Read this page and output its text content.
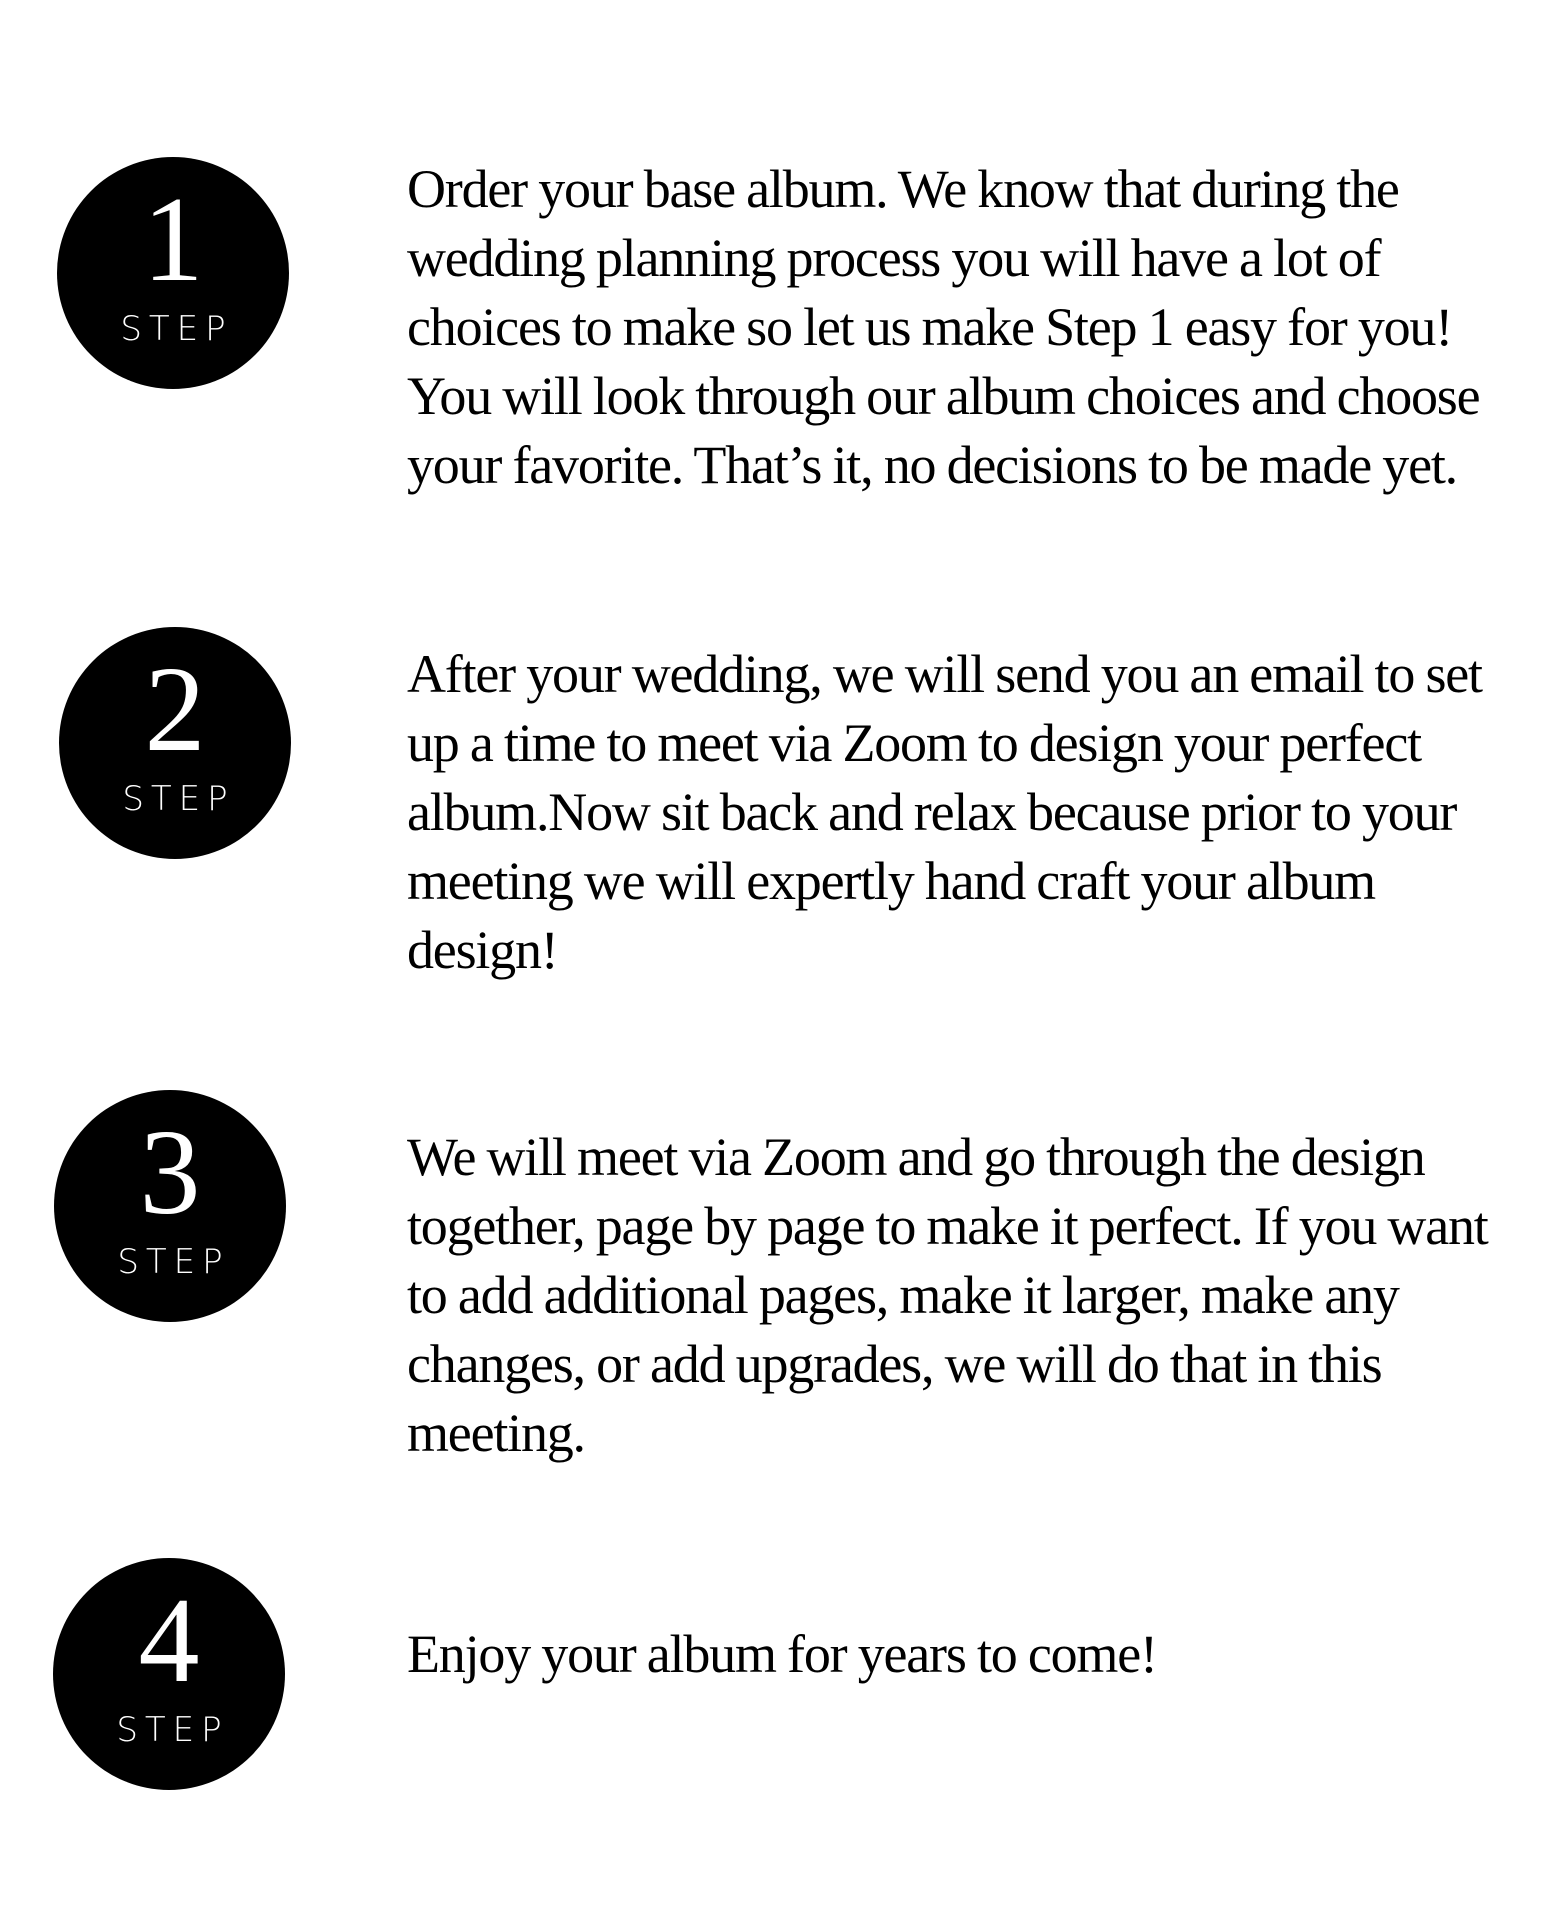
1
STEP

Order your base album. We know that during the wedding planning process you will have a lot of choices to make so let us make Step 1 easy for you! You will look through our album choices and choose your favorite. That’s it, no decisions to be made yet.

2
STEP

After your wedding, we will send you an email to set up a time to meet via Zoom to design your perfect album.Now sit back and relax because prior to your meeting we will expertly hand craft your album design!

3
STEP

We will meet via Zoom and go through the design together, page by page to make it perfect. If you want to add additional pages, make it larger, make any changes, or add upgrades, we will do that in this meeting.

4
STEP

Enjoy your album for years to come!
